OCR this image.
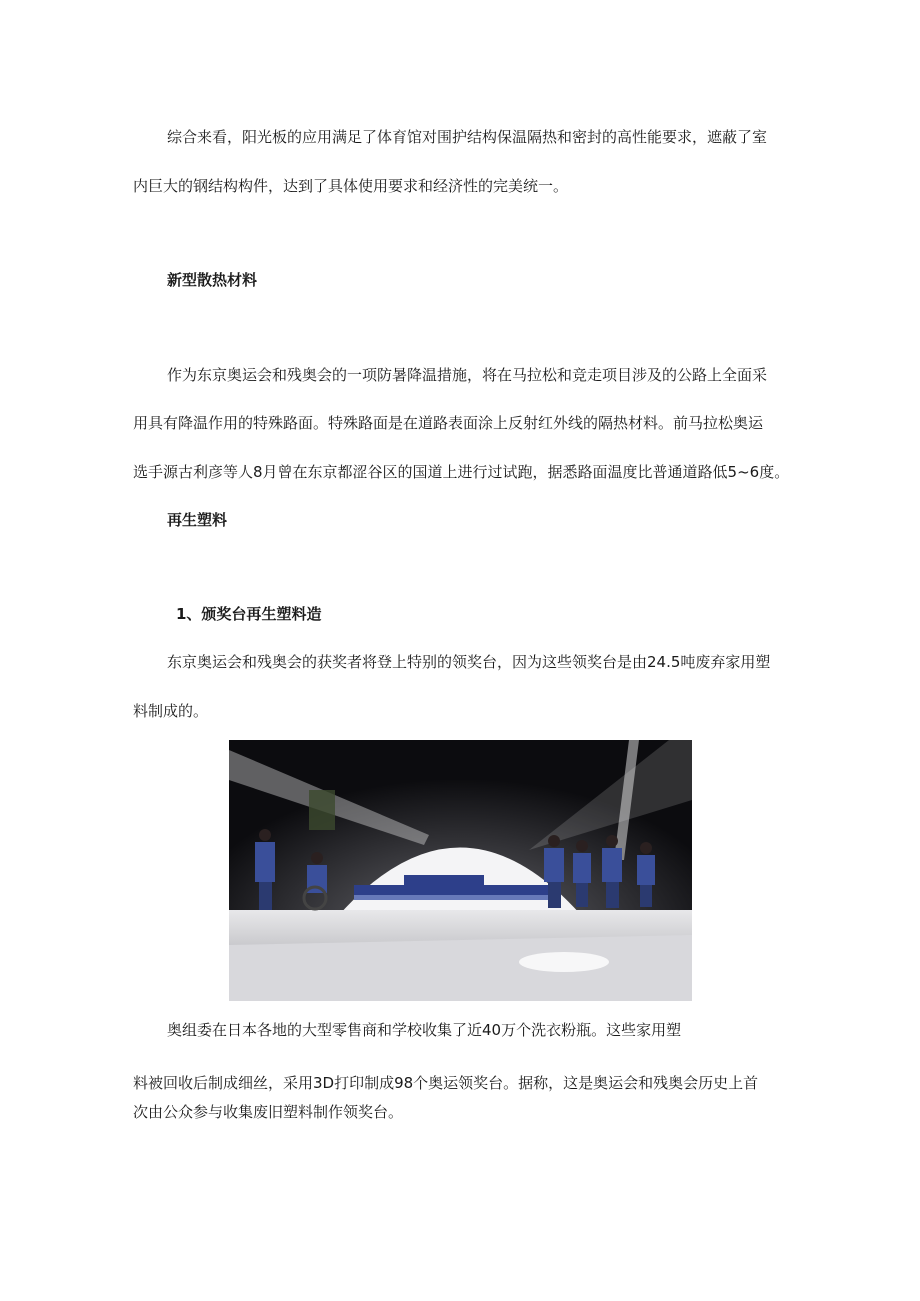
综合来看，阳光板的应用满足了体育馆对围护结构保温隔热和密封的高性能要求，遮蔽了室
内巨大的钢结构构件，达到了具体使用要求和经济性的完美统一。
新型散热材料
作为东京奥运会和残奥会的一项防暑降温措施，将在马拉松和竞走项目涉及的公路上全面采
用具有降温作用的特殊路面。特殊路面是在道路表面涂上反射红外线的隔热材料。前马拉松奥运
选手源古利彦等人8月曾在东京都涩谷区的国道上进行过试跑，据悉路面温度比普通道路低5~6度。
再生塑料
1、颁奖台再生塑料造
东京奥运会和残奥会的获奖者将登上特别的领奖台，因为这些领奖台是由24.5吨废弃家用塑
料制成的。
奥组委在日本各地的大型零售商和学校收集了近40万个洗衣粉瓶。这些家用塑
料被回收后制成细丝，采用3D打印制成98个奥运领奖台。据称，这是奥运会和残奥会历史上首
次由公众参与收集废旧塑料制作领奖台。
